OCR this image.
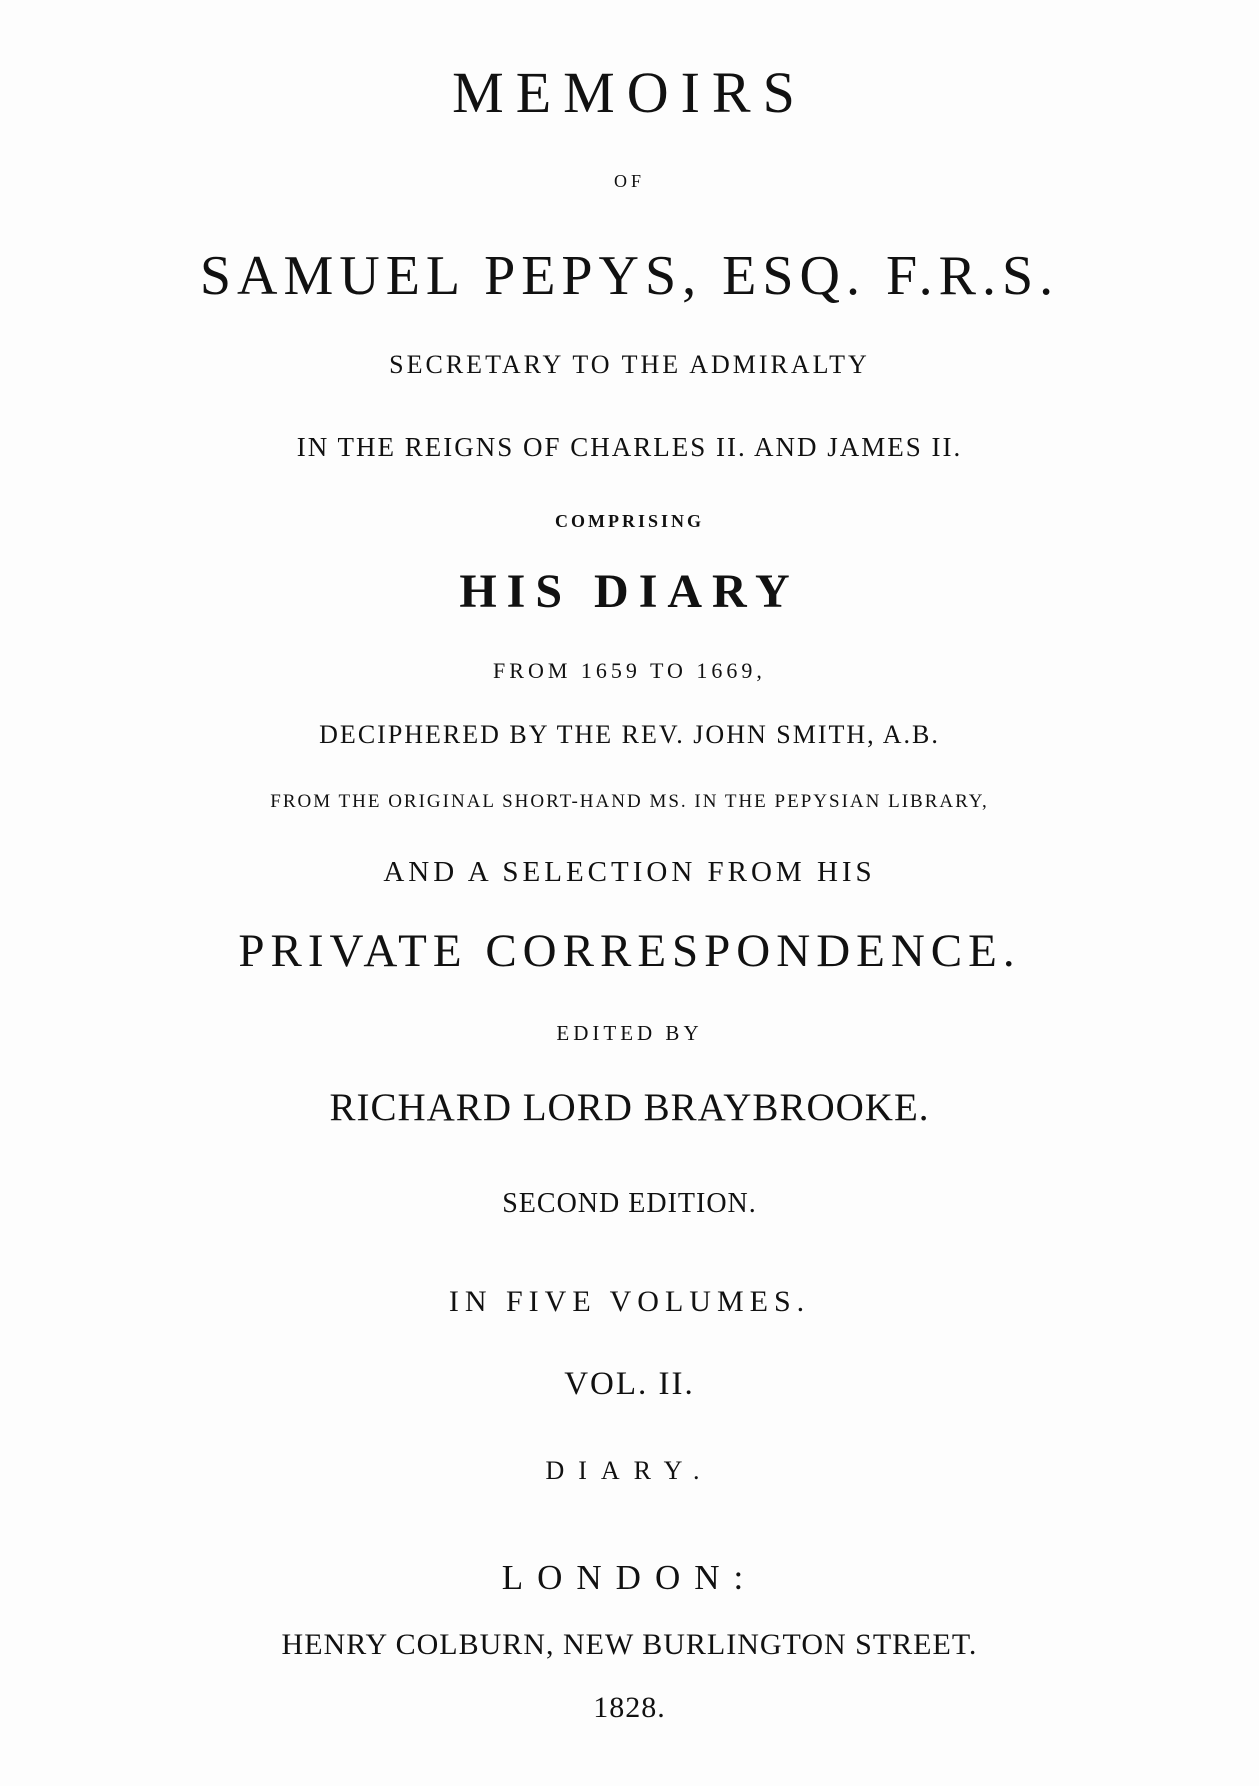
MEMOIRS
OF
SAMUEL PEPYS, ESQ. F.R.S.
SECRETARY TO THE ADMIRALTY
IN THE REIGNS OF CHARLES II. AND JAMES II.
COMPRISING
HIS DIARY
FROM 1659 TO 1669,
DECIPHERED BY THE REV. JOHN SMITH, A.B.
FROM THE ORIGINAL SHORT-HAND MS. IN THE PEPYSIAN LIBRARY,
AND A SELECTION FROM HIS
PRIVATE CORRESPONDENCE.
EDITED BY
RICHARD LORD BRAYBROOKE.
SECOND EDITION.
IN FIVE VOLUMES.
VOL. II.
DIARY.
LONDON:
HENRY COLBURN, NEW BURLINGTON STREET.
1828.
